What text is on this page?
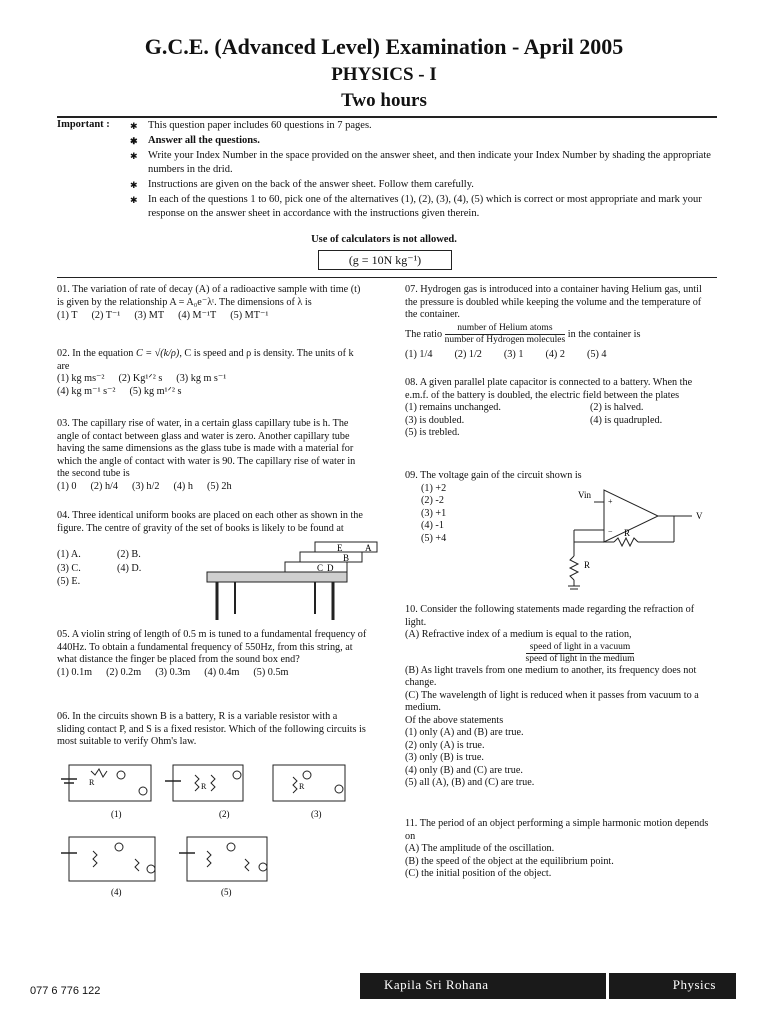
G.C.E. (Advanced Level) Examination - April 2005
PHYSICS - I
Two hours
Important :
✱	This question paper includes 60 questions in 7 pages.
✱ Answer all the questions.
✱ Write your Index Number in the space provided on the answer sheet, and then indicate your Index Number by shading the appropriate numbers in the drid.
✱ Instructions are given on the back of the answer sheet. Follow them carefully.
✱ In each of the questions 1 to 60, pick one of the alternatives (1), (2), (3), (4), (5) which is correct or most appropriate and mark your response on the answer sheet in accordance with the instructions given therein.
Use of calculators is not allowed.
(g = 10N kg⁻¹)

01. The variation of rate of decay (A) of a radioactive sample with time (t) is given by the relationship A = A₀e⁻λᵗ. The dimensions of λ is

(1) T (2) T⁻¹ (3) MT (4) M⁻¹T (5) MT⁻¹

02. In the equation C = √(k/ρ), C is speed and ρ is density. The units of k are

(1) kg ms⁻² (2) Kg¹ᐟ² s (3) kg m s⁻¹
(4) kg m⁻¹ s⁻² (5) kg m¹ᐟ² s

03. The capillary rise of water, in a certain glass capillary tube is h. The angle of contact between glass and water is zero. Another capillary tube having the same dimensions as the glass tube is made with a material for which the angle of contact with water is 90. The capillary rise of water in the second tube is

(1) 0 (2) h/4 (3) h/2 (4) h (5) 2h

04. Three identical uniform books are placed on each other as shown in the figure. The centre of gravity of the set of books is likely to be found at

(1) A.	(2) B.
(3) C.	(4) D.
(5) E.
E	A
B
C D

05. A violin string of length of 0.5 m is tuned to a fundamental frequency of 440Hz. To obtain a fundamental frequency of 550Hz, from this string, at what distance the finger be placed from the sound box end?

(1) 0.1m (2) 0.2m (3) 0.3m (4) 0.4m (5) 0.5m

06. In the circuits shown B is a battery, R is a variable resistor with a sliding contact P, and S is a fixed resistor. Which of the following circuits is most suitable to verify Ohm's law.

R	R	R
(1)	(2)	(3)
(4)	(5)

07. Hydrogen gas is introduced into a container having Helium gas, until the pressure is doubled while keeping the volume and the temperature of the container.

The ratio $\frac{\text{number of Helium atoms}}{\text{number of Hydrogen molecules}}$ in the container is

(1) 1/4 (2) 1/2 (3) 1 (4) 2 (5) 4

08. A given parallel plate capacitor is connected to a battery. When the e.m.f. of the battery is doubled, the electric field between the plates

(1) remains unchanged.	(2) is halved.
(3) is doubled.	(4) is quadrupled.
(5) is trebled.

09. The voltage gain of the circuit shown is

(1) +2
(2) -2
(3) +1
(4) -1
(5) +4
Vin
+
−
V
R
R

10. Consider the following statements made regarding the refraction of light.

(A) Refractive index of a medium is equal to the ration,

$\frac{\text{speed of light in a vacuum}}{\text{speed of light in the medium}}$

(B) As light travels from one medium to another, its frequency does not change.

(C) The wavelength of light is reduced when it passes from vacuum to a medium.

Of the above statements

(1) only (A) and (B) are true.
(2) only (A) is true.
(3) only (B) is true.
(4) only (B) and (C) are true.
(5) all (A), (B) and (C) are true.

11. The period of an object performing a simple harmonic motion depends on

(A) The amplitude of the oscillation.

(B) the speed of the object at the equilibrium point.

(C) the initial position of the object.

077 6 776 122	Kapila Sri Rohana	Physics
